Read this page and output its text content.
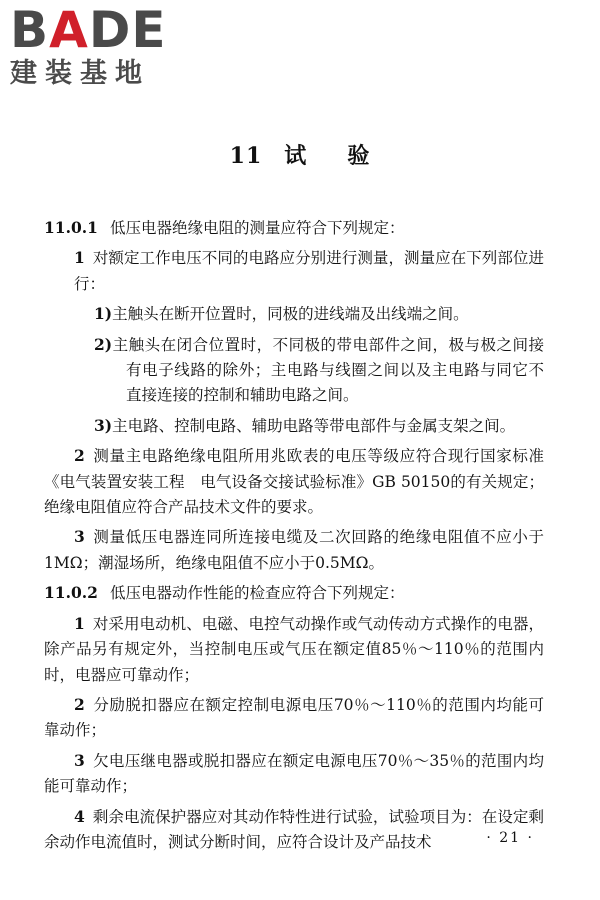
BADE
建装基地
11 试 验

11.0.1 低压电器绝缘电阻的测量应符合下列规定：

1 对额定工作电压不同的电路应分别进行测量，测量应在下列部位进行：

1)主触头在断开位置时，同极的进线端及出线端之间。

2)主触头在闭合位置时，不同极的带电部件之间，极与极之间接有电子线路的除外；主电路与线圈之间以及主电路与同它不直接连接的控制和辅助电路之间。

3)主电路、控制电路、辅助电路等带电部件与金属支架之间。

2 测量主电路绝缘电阻所用兆欧表的电压等级应符合现行国家标准《电气装置安装工程　电气设备交接试验标准》GB 50150的有关规定；绝缘电阻值应符合产品技术文件的要求。

3 测量低压电器连同所连接电缆及二次回路的绝缘电阻值不应小于1MΩ；潮湿场所，绝缘电阻值不应小于0.5MΩ。

11.0.2 低压电器动作性能的检查应符合下列规定：

1 对采用电动机、电磁、电控气动操作或气动传动方式操作的电器，除产品另有规定外，当控制电压或气压在额定值85％～110％的范围内时，电器应可靠动作；

2 分励脱扣器应在额定控制电源电压70％～110％的范围内均能可靠动作；

3 欠电压继电器或脱扣器应在额定电源电压70％～35％的范围内均能可靠动作；

4 剩余电流保护器应对其动作特性进行试验，试验项目为：在设定剩余动作电流值时，测试分断时间，应符合设计及产品技术	· 21 ·
